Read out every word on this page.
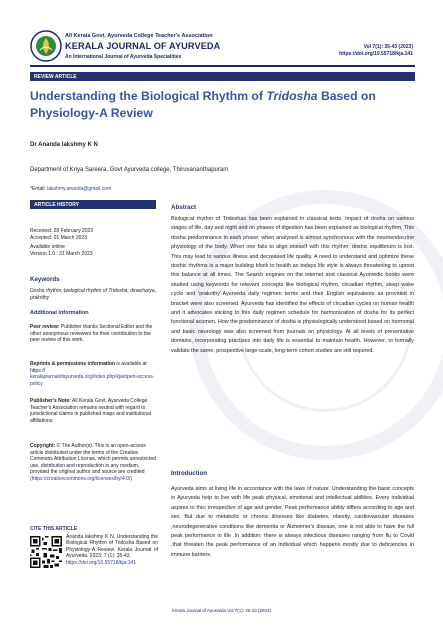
All Kerala Govt. Ayurveda College Teacher's Association
KERALA JOURNAL OF AYURVEDA
An International Journal of Ayurveda Specialities
Vol 7(1): 35-43 (2023)
https://doi.org/10.55718/kja.141
REVIEW ARTICLE
Understanding the Biological Rhythm of Tridosha Based on Physiology-A Review
Dr Ananda lakshmy K N
Department of Kriya Sareera, Govt Ayurveda college, Thiruvananthapuram
*Email: lakshmy.ananda@gmail.com
ARTICLE HISTORY
Received: 28 February 2023
Accepted: 01 March 2023
Available online
Version 1.0 : 31 March 2023
Keywords
Dosha rhythm, biological rhythm of Tridosha, dinacharya, prakrithy
Additional information
Peer review: Publisher thanks Sectional Editor and the other anonymous reviewers for their contribution to the peer review of this work.
Reprints & permissions information is available at https://
keralajournalofayurveda.org/index.php/kja/open-access-policy
Publisher's Note: All Kerala Govt. Ayurveda College Teacher's Association remains neutral with regard to jurisdictional claims in published maps and institutional affiliations.
Copyright: © The Author(s). This is an open-access article distributed under the terms of the Creative Commons Attribution License, which permits unrestricted use, distribution and reproduction in any medium, provided the original author and source are credited
(https://creativecommons.org/licenses/by/4.0/)
CITE THIS ARTICLE
Ananda lakshmy K N. Understanding the Biological Rhythm of Tridosha Based on Physiology-A Review. Kerala Journal of Ayurveda. 2023; 7 (1): 35-43.
https://doi.org/10.55718/kja.141
Abstract
Biological rhythm of Tridoshas has been explained in classical texts. Impact of dosha on various stages of life, day and night and on phases of digestion has been explained as biological rhythm. This dosha predominance in each phase; when analysed is almost synchronous with the neuroendocrine physiology of the body. When one fails to align oneself with this rhythm; doshic equilibrium is lost. This may lead to various illness and decreased life quality. A need to understand and optimize these doshic rhythms is a major building block to health as todays life style is always threatening to uproot this balance at all times. The Search engines on the internet and classical Ayurvedic books were studied using keywords for relevant concepts like biological rhythm, circadian rhythm, sleep wake cycle and 'prakrithy'.Ayurveda daily regimen terms and their English equivalents as provided in bracket were also screened. Ayurveda has identified the effects of circadian cycles on human health and it advocates sticking to this daily regimen schedule for harmonization of dosha for its perfect functional acumen. How the predominance of dosha is physiologically understood based on hormonal and basic neurology was also screened from journals on physiology. At all levels of preventative domains, incorporating practises into daily life is essential to maintain health. However, to formally validate the same, prospective large-scale, long-term cohort studies are still required.
Introduction
Ayurveda aims at living life in accordance with the laws of nature. Understanding the basic concepts in Ayurveda help to live with life peak physical, emotional and intellectual abilities. Every individual aspires to this; irrespective of age and gender. Peak performance ability differs according to age and sex. But due to metabolic or chronic illnesses like diabetes, obesity, cardiovascular diseases ,neurodegenerative conditions like dementia or Alzheimer's disease, one is not able to have the full peak performance in life .In addition; there is always infectious diseases ranging from flu to Covid ,that threaten the peak performance of an individual which happens mostly due to deficiencies in immune barriers.
Kerala Journal of Ayurveda Vol 7(1): 35-43 (2023)
